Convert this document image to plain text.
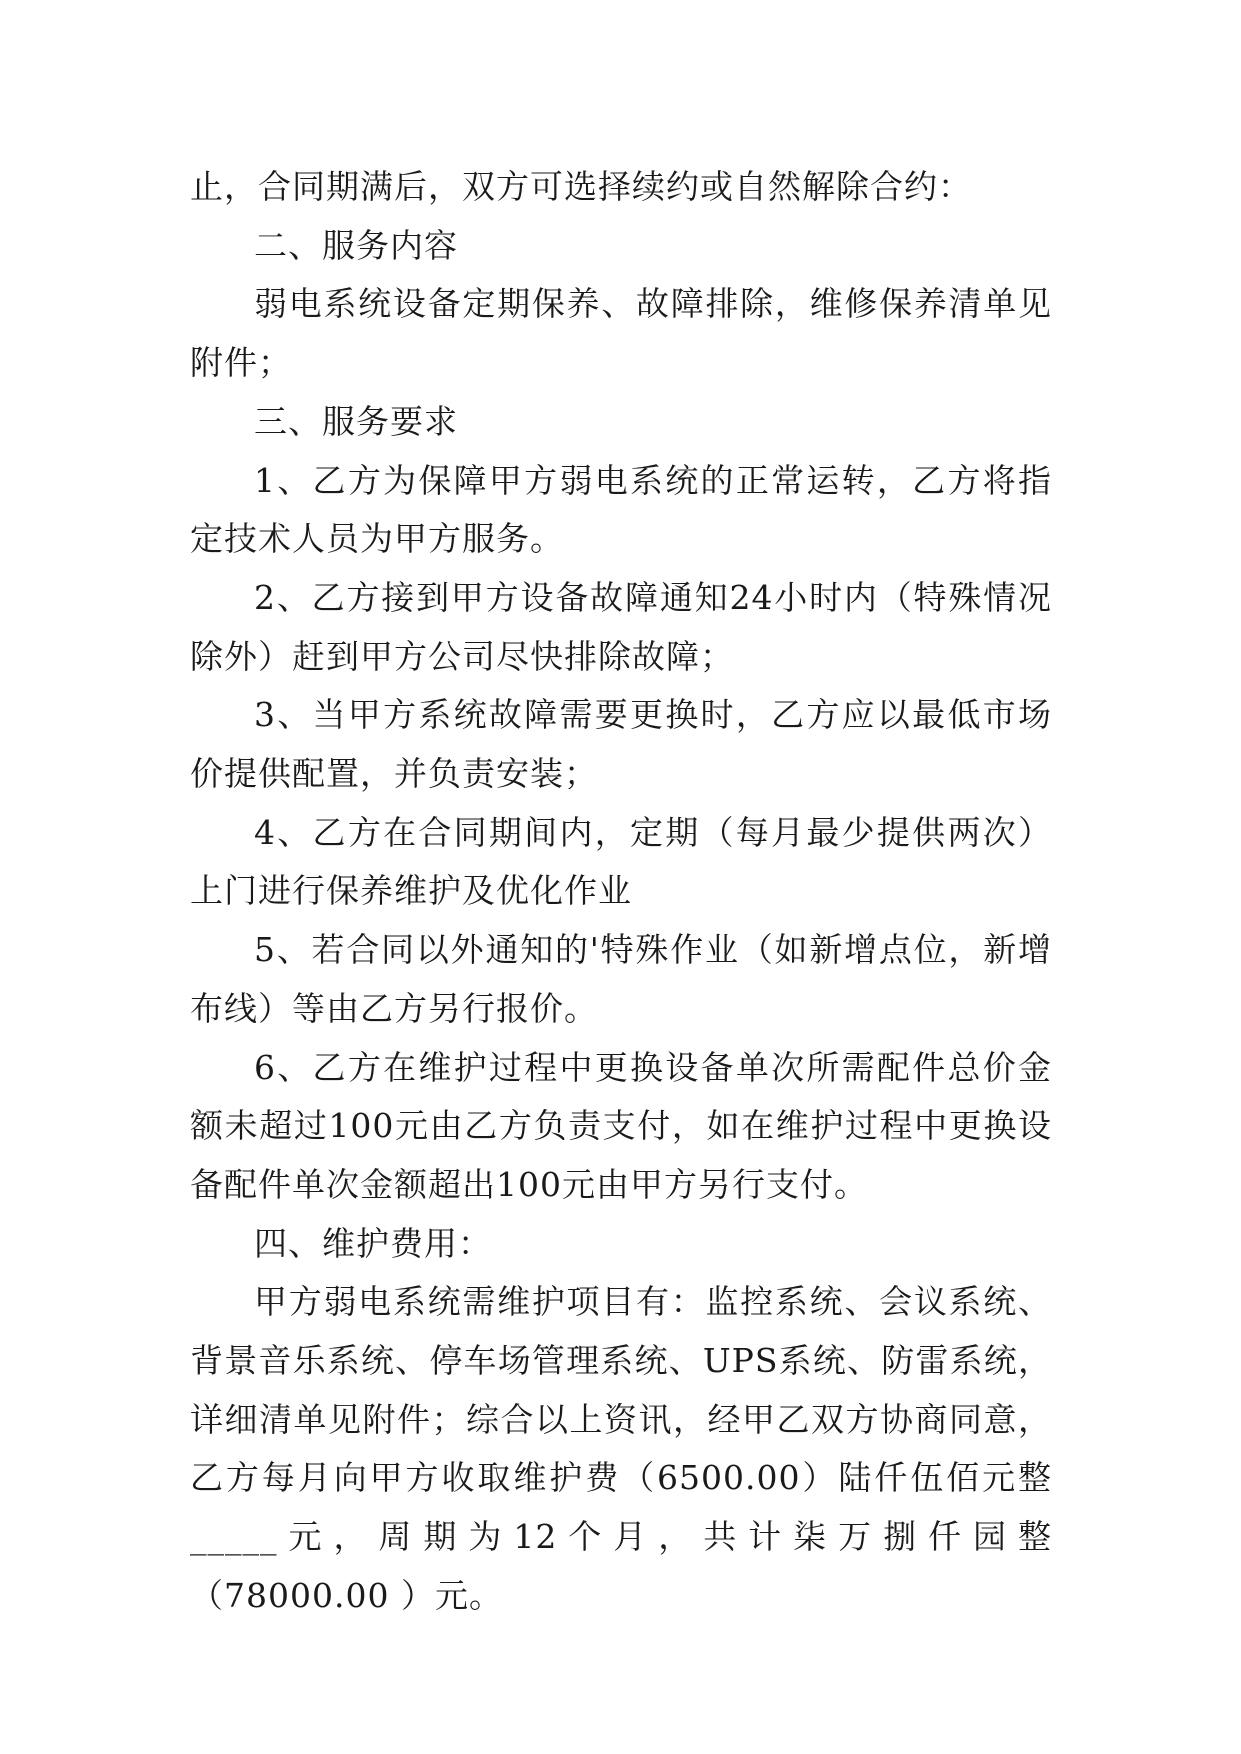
止，合同期满后，双方可选择续约或自然解除合约：

二、服务内容

弱电系统设备定期保养、故障排除，维修保养清单见附件；

三、服务要求

1、乙方为保障甲方弱电系统的正常运转，乙方将指定技术人员为甲方服务。

2、乙方接到甲方设备故障通知24小时内（特殊情况除外）赶到甲方公司尽快排除故障；

3、当甲方系统故障需要更换时，乙方应以最低市场价提供配置，并负责安装；

4、乙方在合同期间内，定期（每月最少提供两次）上门进行保养维护及优化作业

5、若合同以外通知的'特殊作业（如新增点位，新增布线）等由乙方另行报价。

6、乙方在维护过程中更换设备单次所需配件总价金额未超过100元由乙方负责支付，如在维护过程中更换设备配件单次金额超出100元由甲方另行支付。

四、维护费用：

甲方弱电系统需维护项目有：监控系统、会议系统、背景音乐系统、停车场管理系统、UPS系统、防雷系统，详细清单见附件；综合以上资讯，经甲乙双方协商同意，乙方每月向甲方收取维护费（6500.00）陆仟伍佰元整_____元，周期为12个月，共计柒万捌仟园整（78000.00 ）元。
